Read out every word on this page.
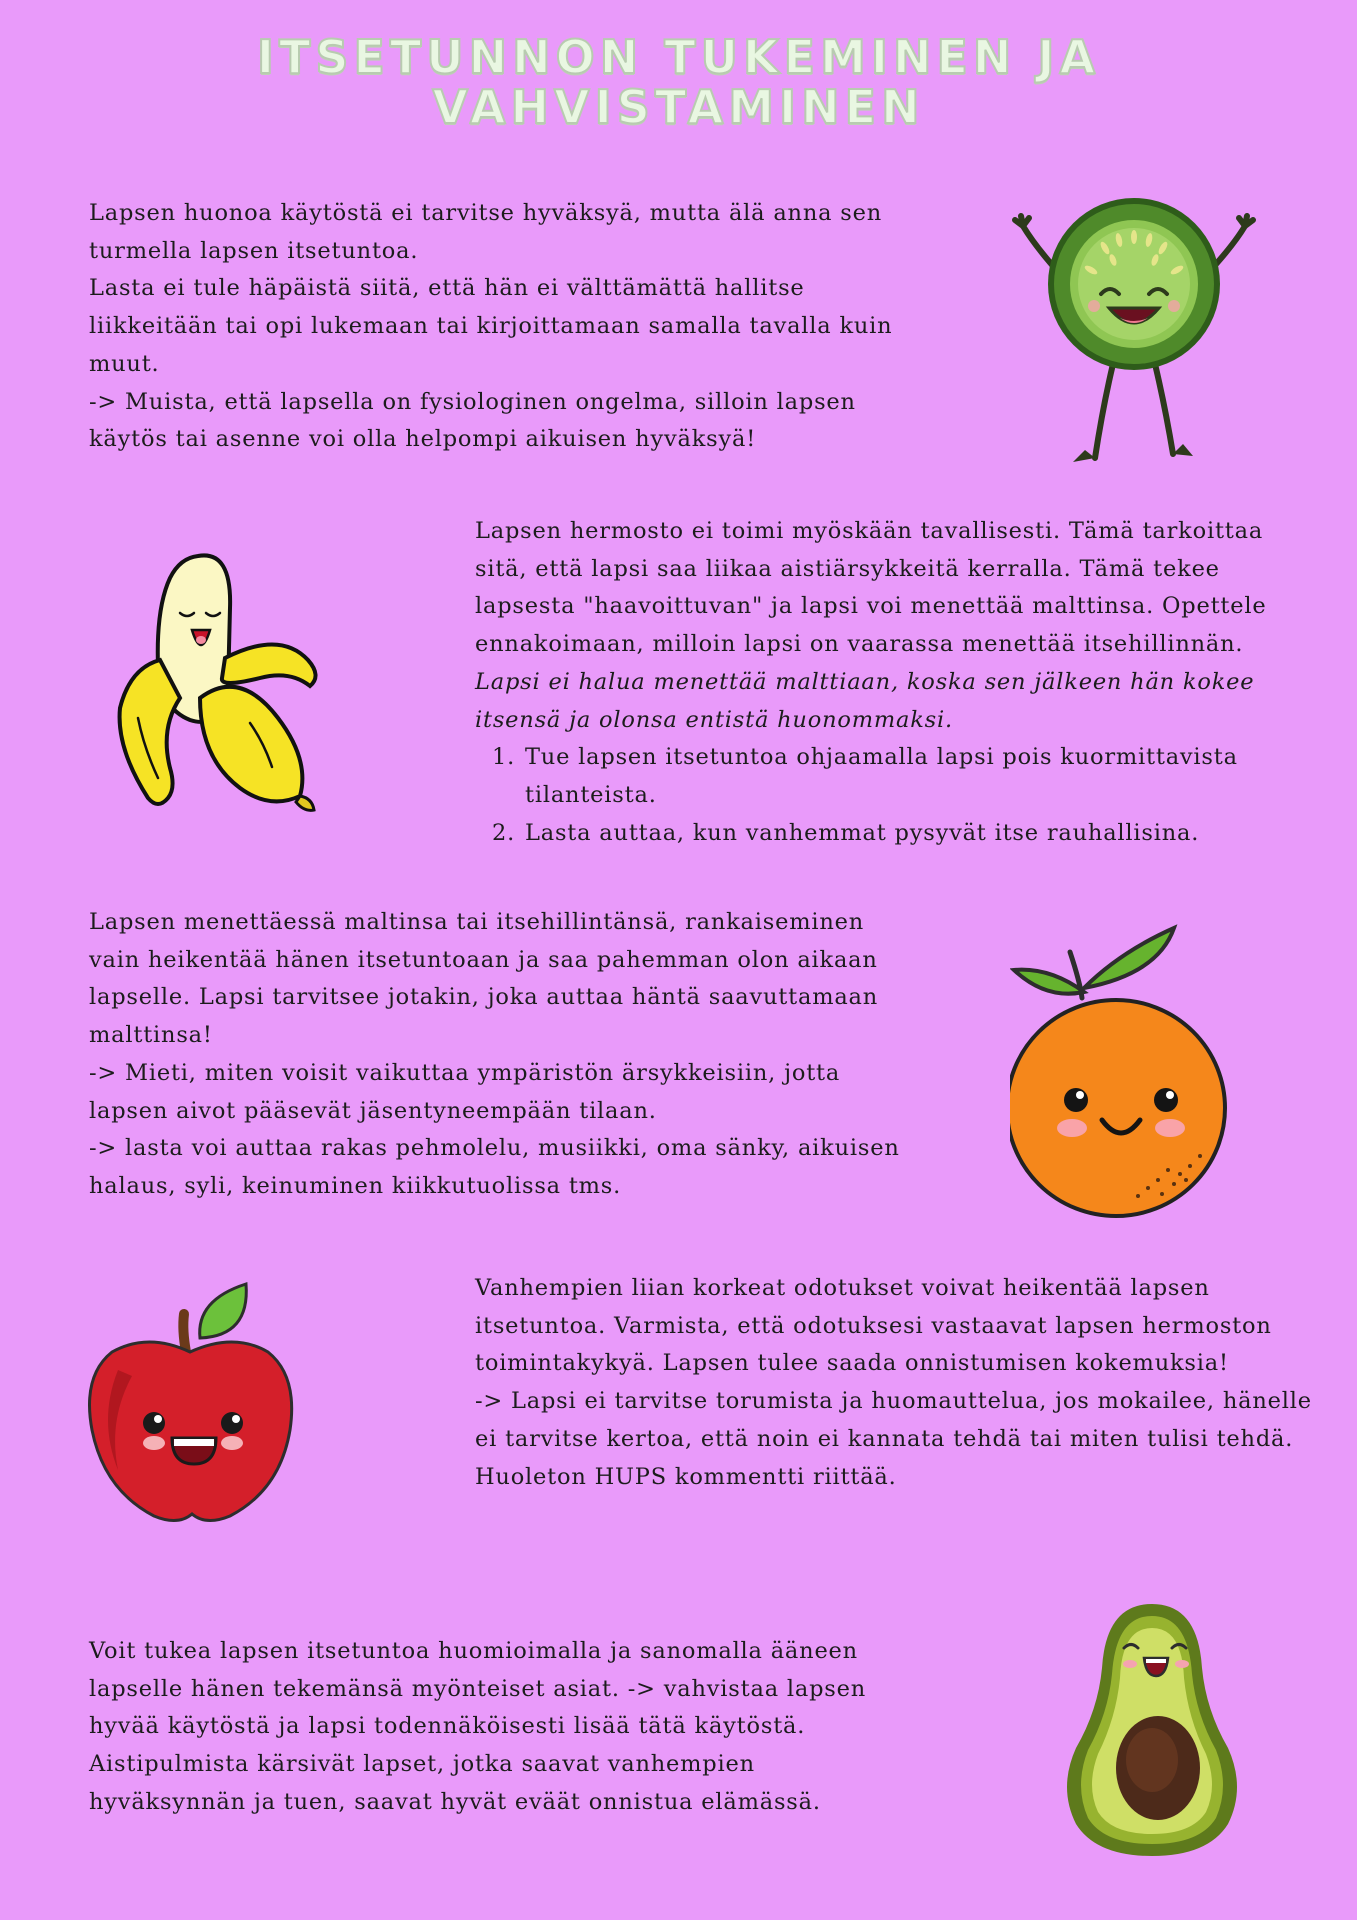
ITSETUNNON TUKEMINEN JA
VAHVISTAMINEN

Lapsen huonoa käytöstä ei tarvitse hyväksyä, mutta älä anna sen turmella lapsen itsetuntoa.

Lasta ei tule häpäistä siitä, että hän ei välttämättä hallitse liikkeitään tai opi lukemaan tai kirjoittamaan samalla tavalla kuin muut.

-> Muista, että lapsella on fysiologinen ongelma, silloin lapsen käytös tai asenne voi olla helpompi aikuisen hyväksyä!

Lapsen hermosto ei toimi myöskään tavallisesti. Tämä tarkoittaa sitä, että lapsi saa liikaa aistiärsykkeitä kerralla. Tämä tekee lapsesta "haavoittuvan" ja lapsi voi menettää malttinsa. Opettele ennakoimaan, milloin lapsi on vaarassa menettää itsehillinnän.

Lapsi ei halua menettää malttiaan, koska sen jälkeen hän kokee itsensä ja olonsa entistä huonommaksi.

1. Tue lapsen itsetuntoa ohjaamalla lapsi pois kuormittavista tilanteista.
2. Lasta auttaa, kun vanhemmat pysyvät itse rauhallisina.

Lapsen menettäessä maltinsa tai itsehillintänsä, rankaiseminen vain heikentää hänen itsetuntoaan ja saa pahemman olon aikaan lapselle. Lapsi tarvitsee jotakin, joka auttaa häntä saavuttamaan malttinsa!

-> Mieti, miten voisit vaikuttaa ympäristön ärsykkeisiin, jotta lapsen aivot pääsevät jäsentyneempään tilaan.

-> lasta voi auttaa rakas pehmolelu, musiikki, oma sänky, aikuisen halaus, syli, keinuminen kiikkutuolissa tms.

Vanhempien liian korkeat odotukset voivat heikentää lapsen itsetuntoa. Varmista, että odotuksesi vastaavat lapsen hermoston toimintakykyä. Lapsen tulee saada onnistumisen kokemuksia!

-> Lapsi ei tarvitse torumista ja huomauttelua, jos mokailee, hänelle ei tarvitse kertoa, että noin ei kannata tehdä tai miten tulisi tehdä. Huoleton HUPS kommentti riittää.

Voit tukea lapsen itsetuntoa huomioimalla ja sanomalla ääneen lapselle hänen tekemänsä myönteiset asiat. -> vahvistaa lapsen hyvää käytöstä ja lapsi todennäköisesti lisää tätä käytöstä. Aistipulmista kärsivät lapset, jotka saavat vanhempien hyväksynnän ja tuen, saavat hyvät eväät onnistua elämässä.
